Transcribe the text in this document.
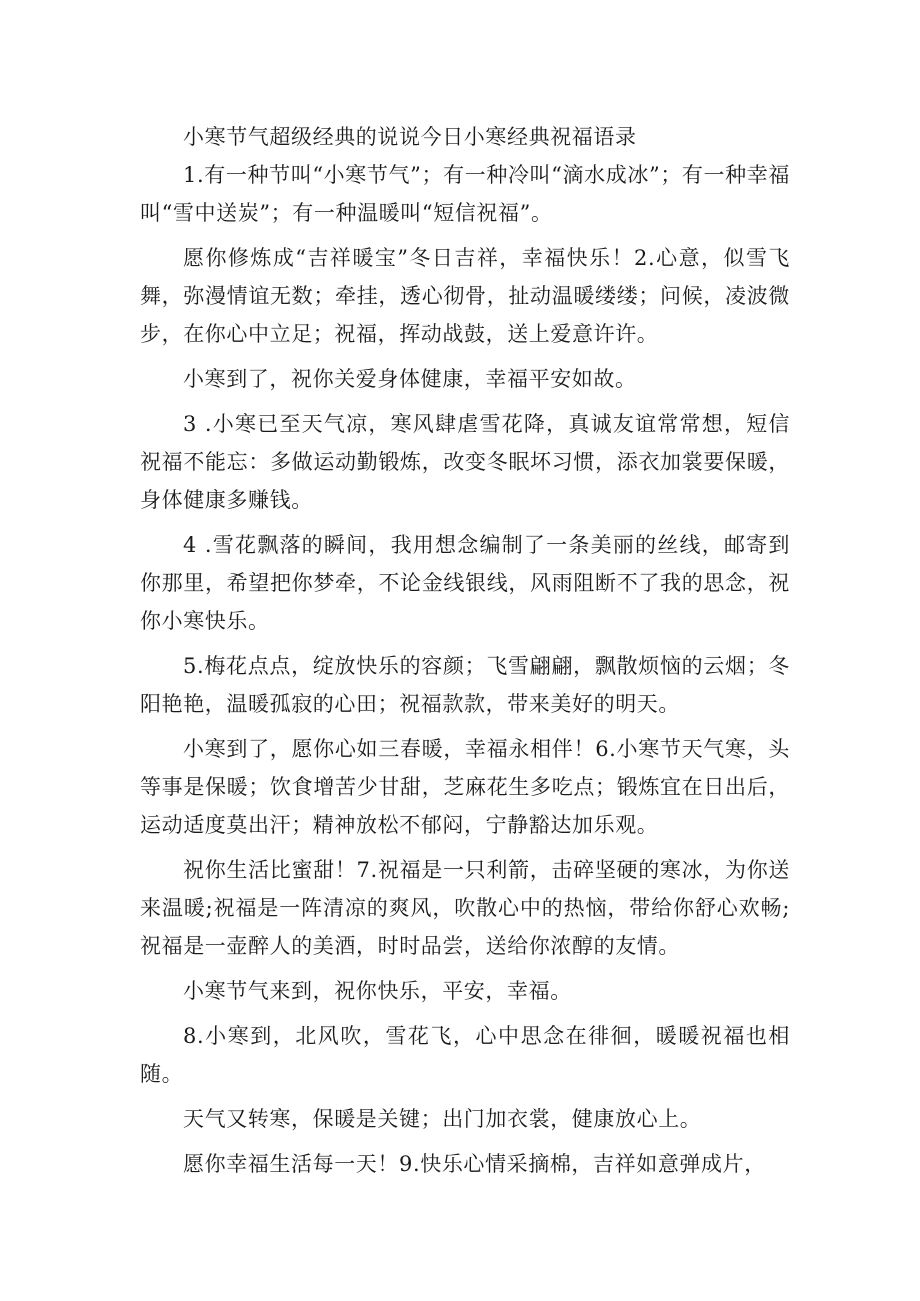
小寒节气超级经典的说说今日小寒经典祝福语录

1.有一种节叫“小寒节气”；有一种冷叫“滴水成冰”；有一种幸福叫“雪中送炭”；有一种温暖叫“短信祝福”。

愿你修炼成“吉祥暖宝”冬日吉祥，幸福快乐！2.心意，似雪飞舞，弥漫情谊无数；牵挂，透心彻骨，扯动温暖缕缕；问候，凌波微步，在你心中立足；祝福，挥动战鼓，送上爱意许许。

小寒到了，祝你关爱身体健康，幸福平安如故。

3 .小寒已至天气凉，寒风肆虐雪花降，真诚友谊常常想，短信祝福不能忘：多做运动勤锻炼，改变冬眠坏习惯，添衣加裳要保暖，身体健康多赚钱。

4 .雪花飘落的瞬间，我用想念编制了一条美丽的丝线，邮寄到你那里，希望把你梦牵，不论金线银线，风雨阻断不了我的思念，祝你小寒快乐。

5.梅花点点，绽放快乐的容颜；飞雪翩翩，飘散烦恼的云烟；冬阳艳艳，温暖孤寂的心田；祝福款款，带来美好的明天。

小寒到了，愿你心如三春暖，幸福永相伴！6.小寒节天气寒，头等事是保暖；饮食增苦少甘甜，芝麻花生多吃点；锻炼宜在日出后，运动适度莫出汗；精神放松不郁闷，宁静豁达加乐观。

祝你生活比蜜甜！7.祝福是一只利箭，击碎坚硬的寒冰，为你送来温暖;祝福是一阵清凉的爽风，吹散心中的热恼，带给你舒心欢畅;祝福是一壶醉人的美酒，时时品尝，送给你浓醇的友情。

小寒节气来到，祝你快乐，平安，幸福。

8.小寒到，北风吹，雪花飞，心中思念在徘徊，暖暖祝福也相随。

天气又转寒，保暖是关键；出门加衣裳，健康放心上。

愿你幸福生活每一天！9.快乐心情采摘棉，吉祥如意弹成片，
